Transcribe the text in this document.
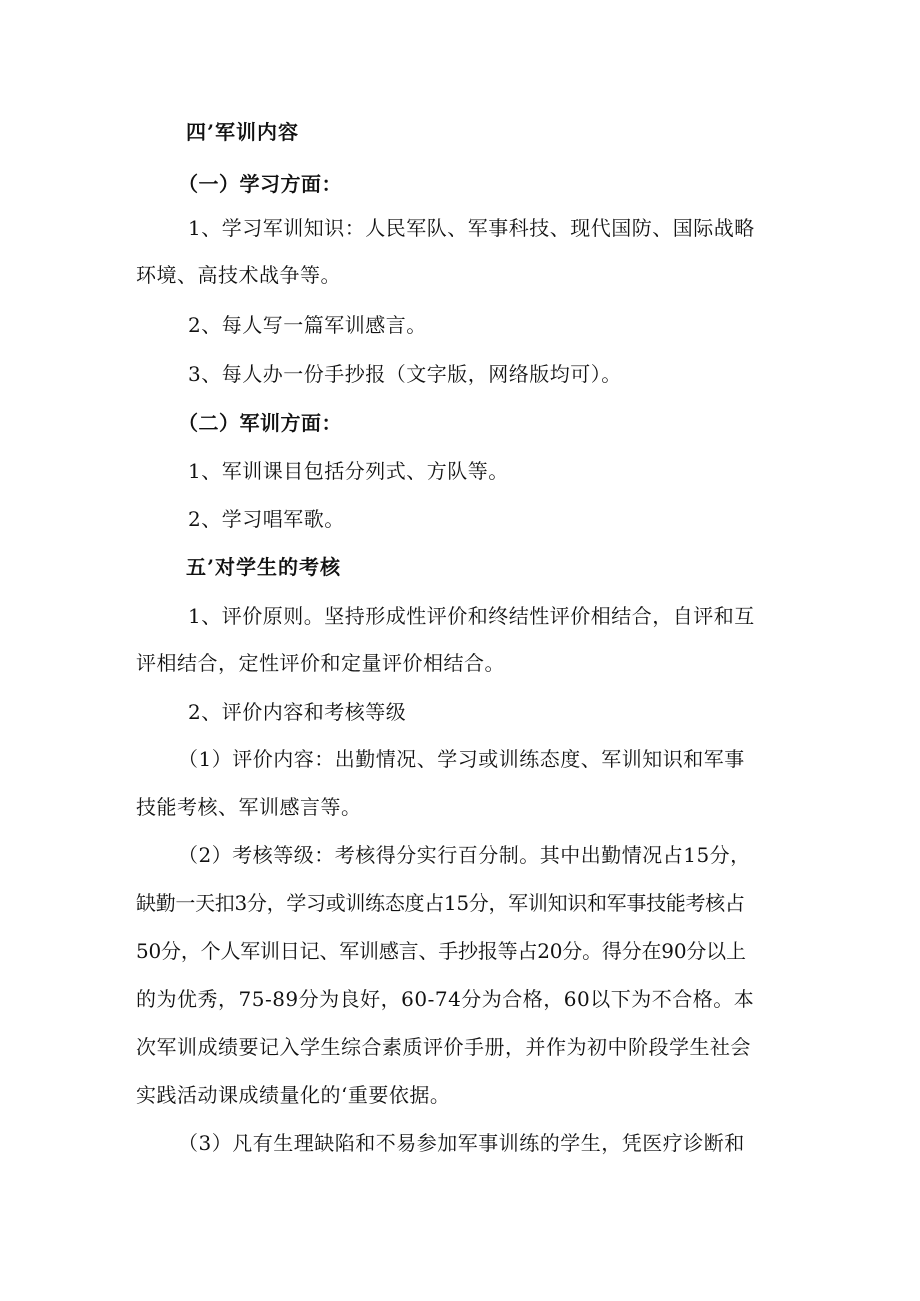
四’军训内容
（一）学习方面：
1、学习军训知识：人民军队、军事科技、现代国防、国际战略
环境、高技术战争等。
2、每人写一篇军训感言。
3、每人办一份手抄报（文字版，网络版均可）。
（二）军训方面：
1、军训课目包括分列式、方队等。
2、学习唱军歌。
五’对学生的考核
1、评价原则。坚持形成性评价和终结性评价相结合，自评和互
评相结合，定性评价和定量评价相结合。
2、评价内容和考核等级
（1）评价内容：出勤情况、学习或训练态度、军训知识和军事
技能考核、军训感言等。
（2）考核等级：考核得分实行百分制。其中出勤情况占15分，
缺勤一天扣3分，学习或训练态度占15分，军训知识和军事技能考核占
50分，个人军训日记、军训感言、手抄报等占20分。得分在90分以上
的为优秀，75-89分为良好，60-74分为合格，60以下为不合格。本
次军训成绩要记入学生综合素质评价手册，并作为初中阶段学生社会
实践活动课成绩量化的‘重要依据。
（3）凡有生理缺陷和不易参加军事训练的学生，凭医疗诊断和
